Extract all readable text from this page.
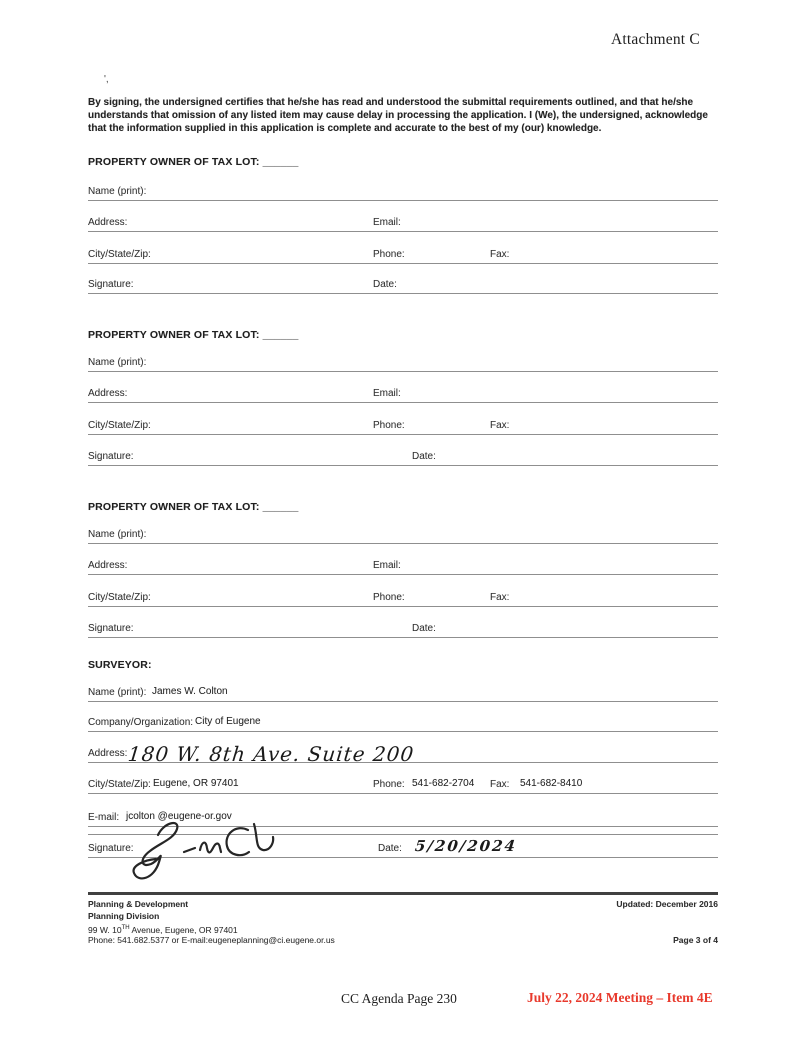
Attachment C
',

By signing, the undersigned certifies that he/she has read and understood the submittal requirements outlined, and that he/she understands that omission of any listed item may cause delay in processing the application. I (We), the undersigned, acknowledge that the information supplied in this application is complete and accurate to the best of my (our) knowledge.

PROPERTY OWNER OF TAX LOT: ______
Name (print):
Address:	Email:
City/State/Zip:	Phone:	Fax:
Signature:	Date:
PROPERTY OWNER OF TAX LOT: ______
Name (print):
Address:	Email:
City/State/Zip:	Phone:	Fax:
Signature:	Date:
PROPERTY OWNER OF TAX LOT: ______
Name (print):
Address:	Email:
City/State/Zip:	Phone:	Fax:
Signature:	Date:
SURVEYOR:
Name (print): James W. Colton
Company/Organization: City of Eugene
Address: 180 W. 8th Ave. Suite 200
City/State/Zip: Eugene, OR 97401	Phone: 541-682-2704 Fax: 541-682-8410
E-mail: jcolton @eugene-or.gov
Signature:	Date: 5/20/2024
Planning & Development
Planning Division
99 W. 10TH Avenue, Eugene, OR 97401
Phone: 541.682.5377 or E-mail:eugeneplanning@ci.eugene.or.us
Updated: December 2016
Page 3 of 4
CC Agenda Page 230	July 22, 2024 Meeting – Item 4E
